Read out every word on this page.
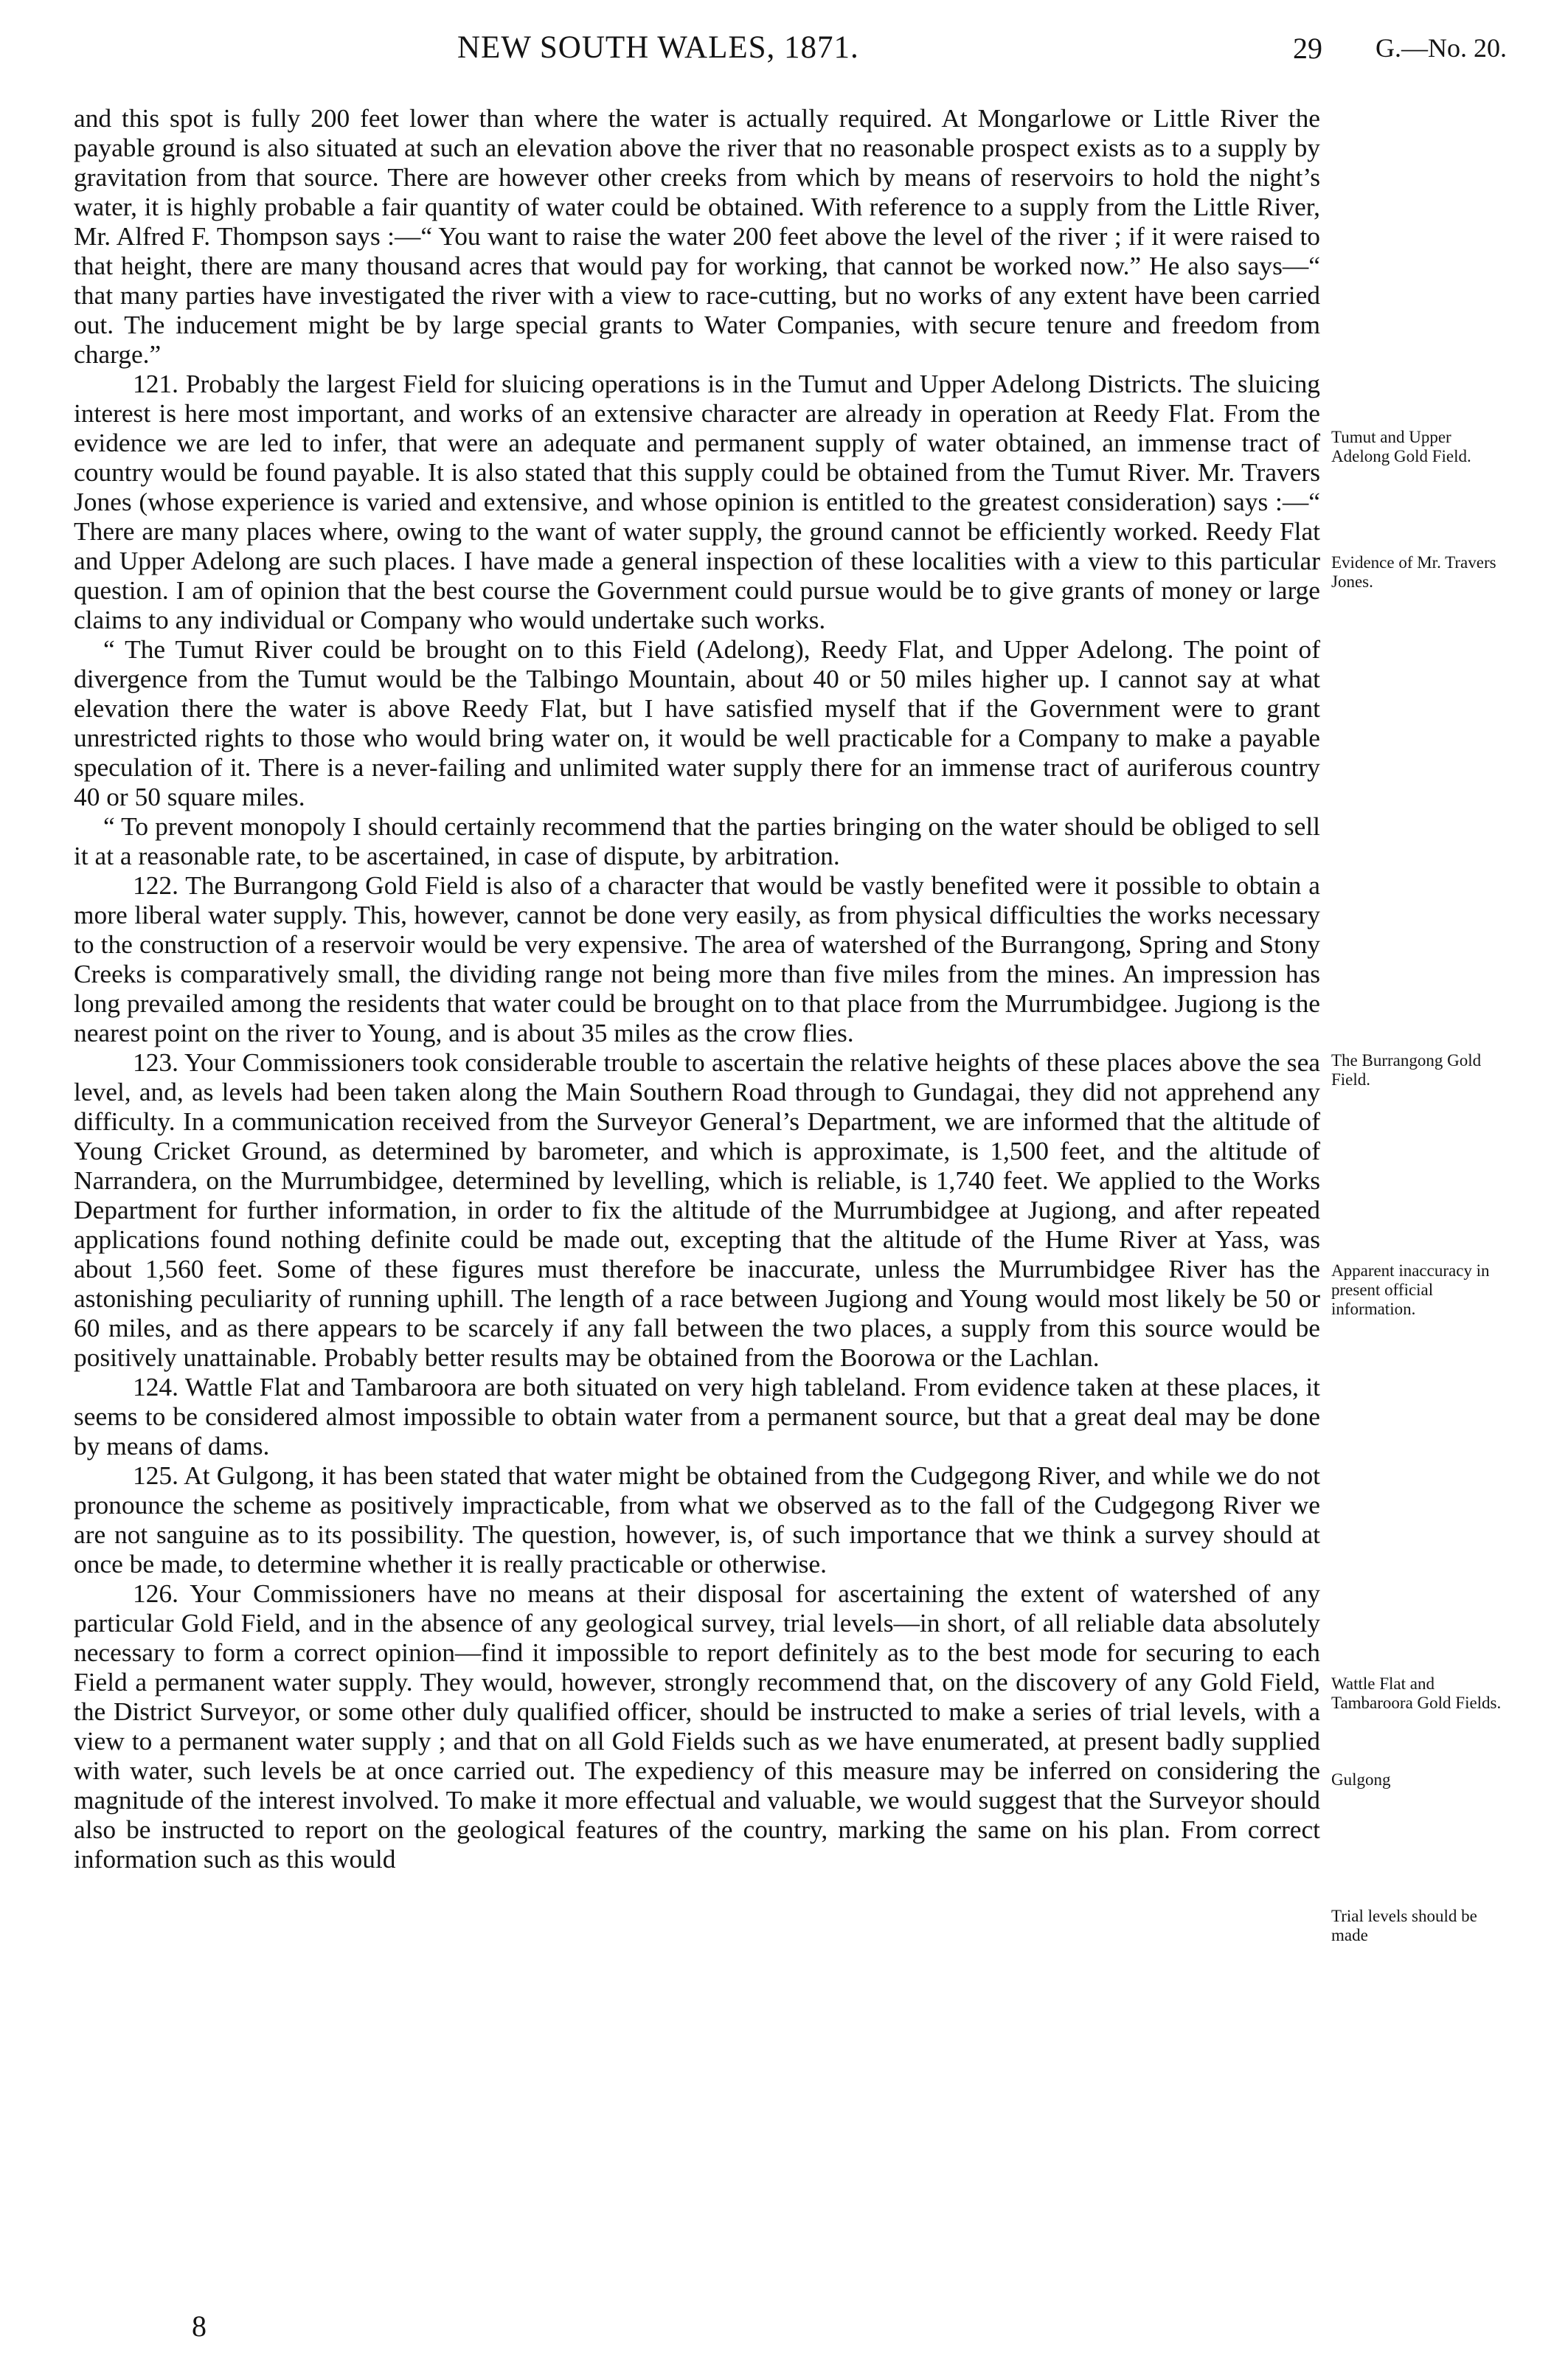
NEW SOUTH WALES, 1871.	29 G.—No. 20.

and this spot is fully 200 feet lower than where the water is actually required. At Mongarlowe or Little River the payable ground is also situated at such an elevation above the river that no reasonable prospect exists as to a supply by gravitation from that source. There are however other creeks from which by means of reservoirs to hold the night’s water, it is highly probable a fair quantity of water could be obtained. With reference to a supply from the Little River, Mr. Alfred F. Thompson says :—“ You want to raise the water 200 feet above the level of the river ; if it were raised to that height, there are many thousand acres that would pay for working, that cannot be worked now.” He also says—“ that many parties have investigated the river with a view to race-cutting, but no works of any extent have been carried out. The inducement might be by large special grants to Water Companies, with secure tenure and freedom from charge.”

121. Probably the largest Field for sluicing operations is in the Tumut and Upper Adelong Districts. The sluicing interest is here most important, and works of an extensive character are already in operation at Reedy Flat. From the evidence we are led to infer, that were an adequate and permanent supply of water obtained, an immense tract of country would be found payable. It is also stated that this supply could be obtained from the Tumut River. Mr. Travers Jones (whose experience is varied and extensive, and whose opinion is entitled to the greatest consideration) says :—“ There are many places where, owing to the want of water supply, the ground cannot be efficiently worked. Reedy Flat and Upper Adelong are such places. I have made a general inspection of these localities with a view to this particular question. I am of opinion that the best course the Government could pursue would be to give grants of money or large claims to any individual or Company who would undertake such works.

“ The Tumut River could be brought on to this Field (Adelong), Reedy Flat, and Upper Adelong. The point of divergence from the Tumut would be the Talbingo Mountain, about 40 or 50 miles higher up. I cannot say at what elevation there the water is above Reedy Flat, but I have satisfied myself that if the Government were to grant unrestricted rights to those who would bring water on, it would be well practicable for a Company to make a payable speculation of it. There is a never-failing and unlimited water supply there for an immense tract of auriferous country 40 or 50 square miles.

“ To prevent monopoly I should certainly recommend that the parties bringing on the water should be obliged to sell it at a reasonable rate, to be ascertained, in case of dispute, by arbitration.

122. The Burrangong Gold Field is also of a character that would be vastly benefited were it possible to obtain a more liberal water supply. This, however, cannot be done very easily, as from physical difficulties the works necessary to the construction of a reservoir would be very expensive. The area of watershed of the Burrangong, Spring and Stony Creeks is comparatively small, the dividing range not being more than five miles from the mines. An impression has long prevailed among the residents that water could be brought on to that place from the Murrumbidgee. Jugiong is the nearest point on the river to Young, and is about 35 miles as the crow flies.

123. Your Commissioners took considerable trouble to ascertain the relative heights of these places above the sea level, and, as levels had been taken along the Main Southern Road through to Gundagai, they did not apprehend any difficulty. In a communication received from the Surveyor General’s Department, we are informed that the altitude of Young Cricket Ground, as determined by barometer, and which is approximate, is 1,500 feet, and the altitude of Narrandera, on the Murrumbidgee, determined by levelling, which is reliable, is 1,740 feet. We applied to the Works Department for further information, in order to fix the altitude of the Murrumbidgee at Jugiong, and after repeated applications found nothing definite could be made out, excepting that the altitude of the Hume River at Yass, was about 1,560 feet. Some of these figures must therefore be inaccurate, unless the Murrumbidgee River has the astonishing peculiarity of running uphill. The length of a race between Jugiong and Young would most likely be 50 or 60 miles, and as there appears to be scarcely if any fall between the two places, a supply from this source would be positively unattainable. Probably better results may be obtained from the Boorowa or the Lachlan.

124. Wattle Flat and Tambaroora are both situated on very high tableland. From evidence taken at these places, it seems to be considered almost impossible to obtain water from a permanent source, but that a great deal may be done by means of dams.

125. At Gulgong, it has been stated that water might be obtained from the Cudgegong River, and while we do not pronounce the scheme as positively impracticable, from what we observed as to the fall of the Cudgegong River we are not sanguine as to its possibility. The question, however, is, of such importance that we think a survey should at once be made, to determine whether it is really practicable or otherwise.

126. Your Commissioners have no means at their disposal for ascertaining the extent of watershed of any particular Gold Field, and in the absence of any geological survey, trial levels—in short, of all reliable data absolutely necessary to form a correct opinion—find it impossible to report definitely as to the best mode for securing to each Field a permanent water supply. They would, however, strongly recommend that, on the discovery of any Gold Field, the District Surveyor, or some other duly qualified officer, should be instructed to make a series of trial levels, with a view to a permanent water supply ; and that on all Gold Fields such as we have enumerated, at present badly supplied with water, such levels be at once carried out. The expediency of this measure may be inferred on considering the magnitude of the interest involved. To make it more effectual and valuable, we would suggest that the Surveyor should also be instructed to report on the geological features of the country, marking the same on his plan. From correct information such as this would

Tumut and Upper Adelong Gold Field.
Evidence of Mr. Travers Jones.
The Burrangong Gold Field.
Apparent inaccuracy in present official information.
Wattle Flat and Tambaroora Gold Fields.
Gulgong
Trial levels should be made
8
